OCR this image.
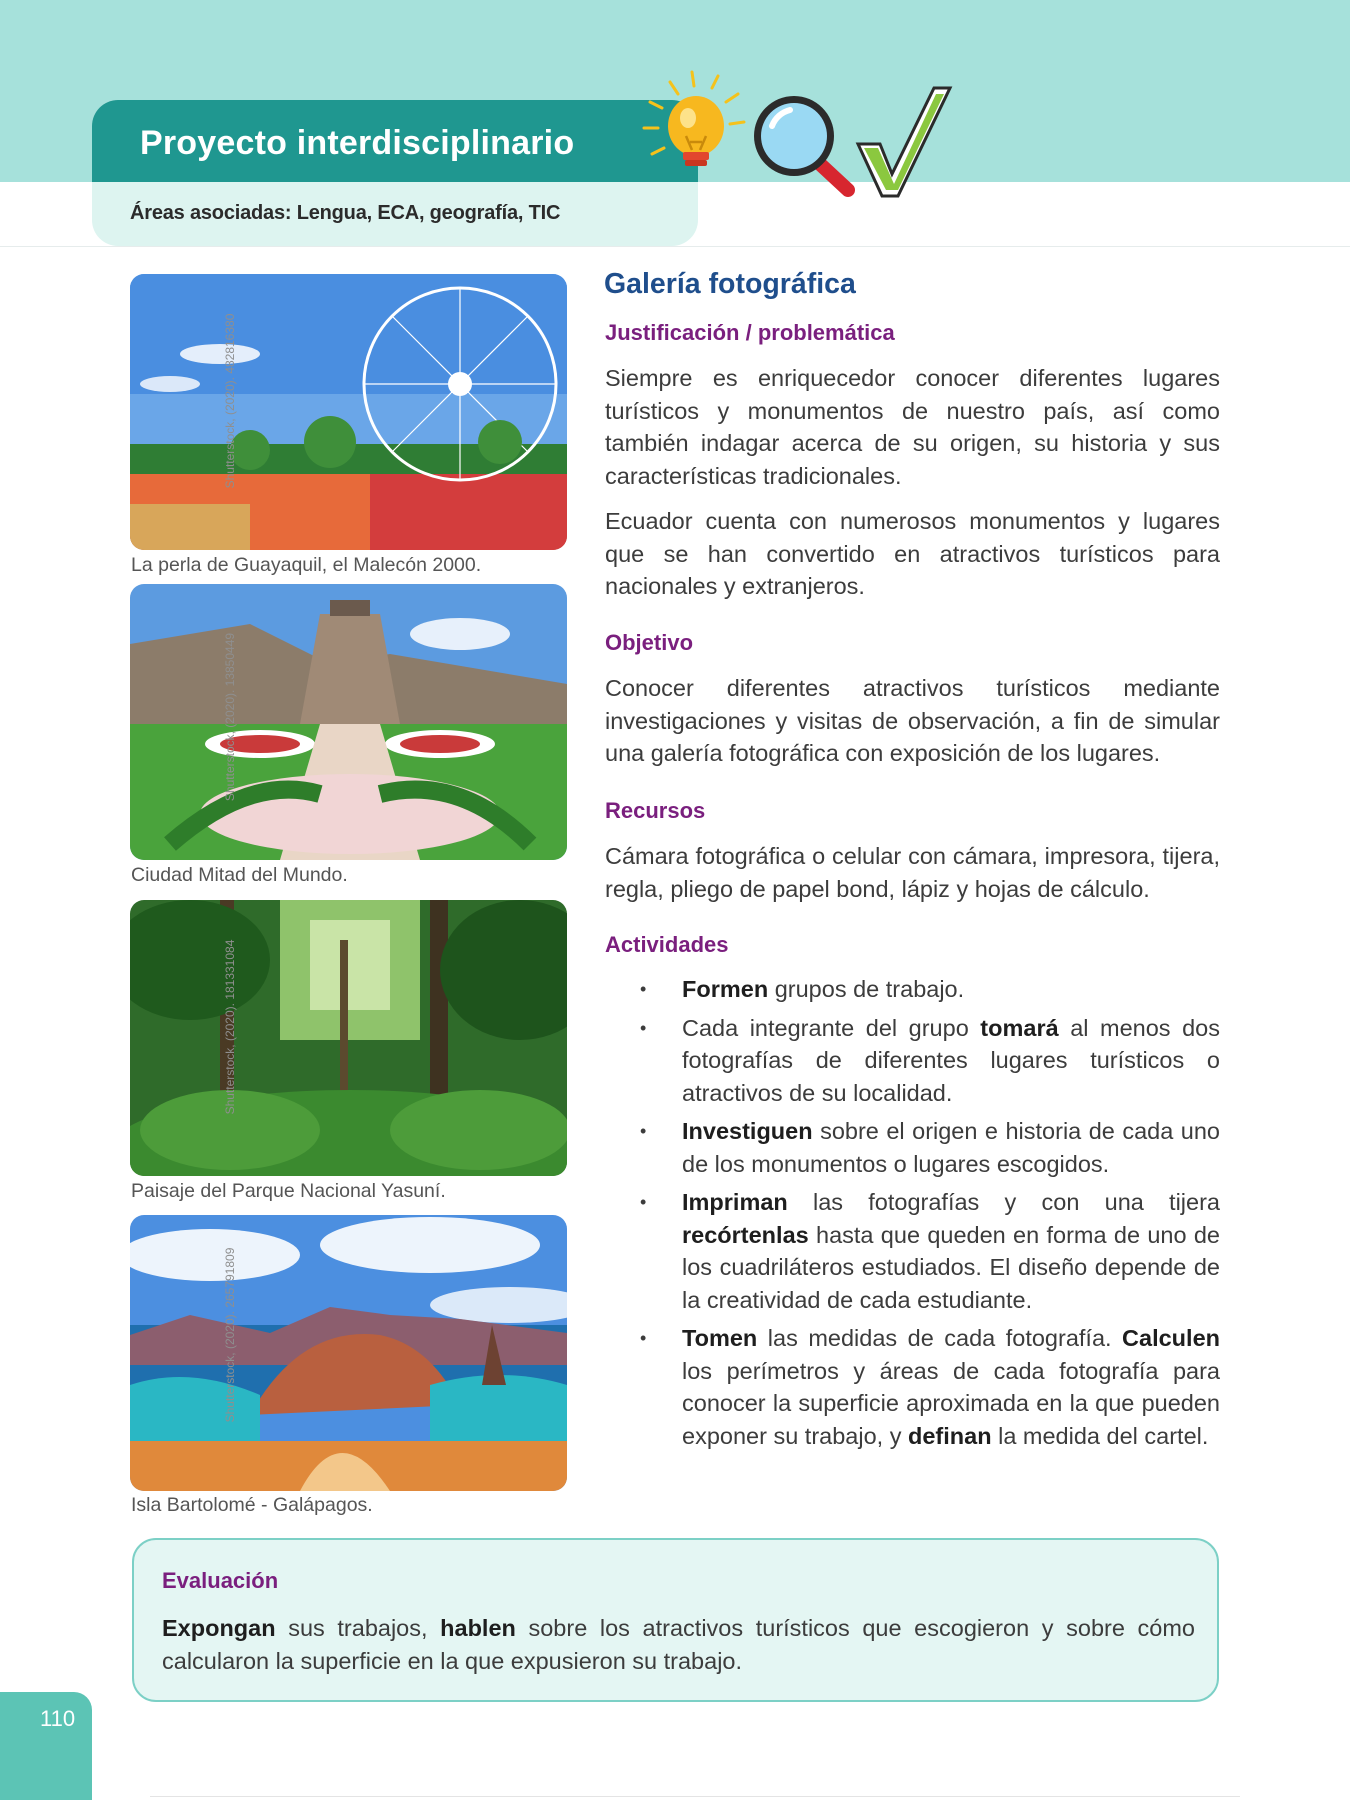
Proyecto interdisciplinario
Áreas asociadas: Lengua, ECA, geografía, TIC
La perla de Guayaquil, el Malecón 2000.
Shutterstock, (2020). 482816380
Ciudad Mitad del Mundo.
Shutterstock, (2020). 13850449
Paisaje del Parque Nacional Yasuní.
Shutterstock, (2020). 181331084
Isla Bartolomé - Galápagos.
Shutterstock, (2020). 265791809
Galería fotográfica
Justificación / problemática

Siempre es enriquecedor conocer diferentes lugares turísticos y monumentos de nuestro país, así como también indagar acerca de su origen, su historia y sus características tradicionales.

Ecuador cuenta con numerosos monumentos y lugares que se han convertido en atractivos turísticos para nacionales y extranjeros.

Objetivo

Conocer diferentes atractivos turísticos mediante investigaciones y visitas de observación, a fin de simular una galería fotográfica con exposición de los lugares.

Recursos

Cámara fotográfica o celular con cámara, impresora, tijera, regla, pliego de papel bond, lápiz y hojas de cálculo.

Actividades
• Formen grupos de trabajo.
• Cada integrante del grupo tomará al menos dos fotografías de diferentes lugares turísticos o atractivos de su localidad.
• Investiguen sobre el origen e historia de cada uno de los monumentos o lugares escogidos.
• Impriman las fotografías y con una tijera recórtenlas hasta que queden en forma de uno de los cuadriláteros estudiados. El diseño depende de la creatividad de cada estudiante.
• Tomen las medidas de cada fotografía. Calculen los perímetros y áreas de cada fotografía para conocer la superficie aproximada en la que pueden exponer su trabajo, y definan la medida del cartel.
Evaluación

Expongan sus trabajos, hablen sobre los atractivos turísticos que escogieron y sobre cómo calcularon la superficie en la que expusieron su trabajo.

110
